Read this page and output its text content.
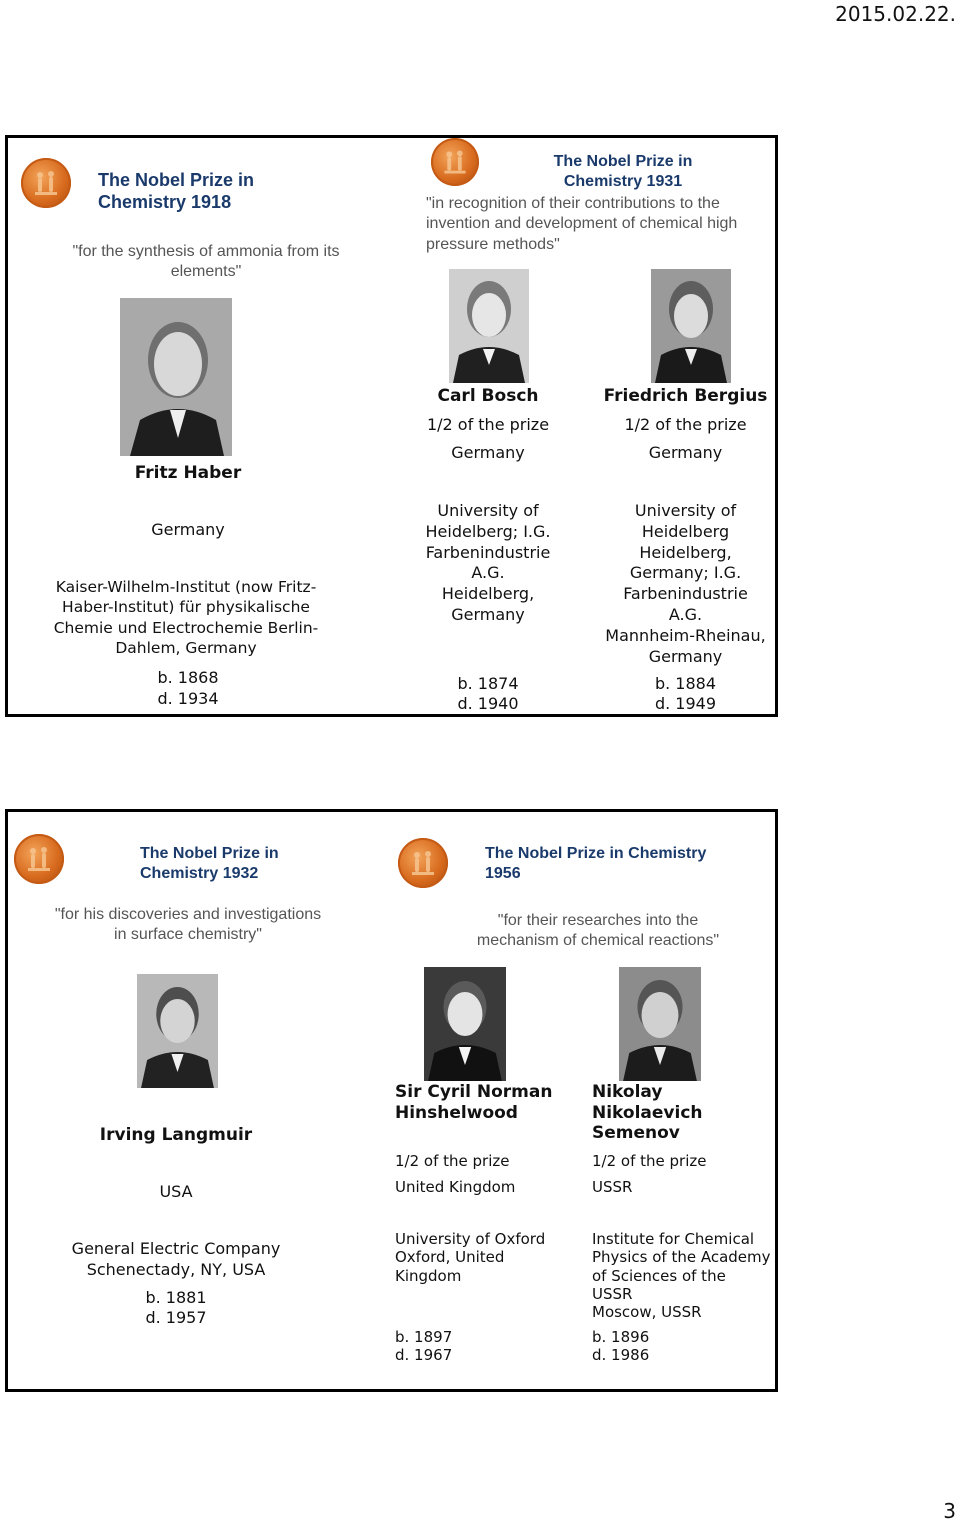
2015.02.22.
The Nobel Prize in
Chemistry 1918
"for the synthesis of ammonia from its elements"
Fritz Haber
Germany
Kaiser-Wilhelm-Institut (now Fritz-Haber-Institut) für physikalische Chemie und Electrochemie Berlin-Dahlem, Germany
b. 1868
d. 1934
The Nobel Prize in
Chemistry 1931
"in recognition of their contributions to the invention and development of chemical high pressure methods"
Carl Bosch
1/2 of the prize
Germany
University of
Heidelberg; I.G.
Farbenindustrie
A.G.
Heidelberg,
Germany
b. 1874
d. 1940
Friedrich Bergius
1/2 of the prize
Germany
University of
Heidelberg
Heidelberg,
Germany; I.G.
Farbenindustrie
A.G.
Mannheim-Rheinau,
Germany
b. 1884
d. 1949
The Nobel Prize in
Chemistry 1932
"for his discoveries and investigations
in surface chemistry"
Irving Langmuir
USA
General Electric Company
Schenectady, NY, USA
b. 1881
d. 1957
The Nobel Prize in Chemistry
1956
"for their researches into the
mechanism of chemical reactions"
Sir Cyril Norman
Hinshelwood
1/2 of the prize
United Kingdom
University of Oxford
Oxford, United
Kingdom
b. 1897
d. 1967
Nikolay
Nikolaevich
Semenov
1/2 of the prize
USSR
Institute for Chemical
Physics of the Academy
of Sciences of the
USSR
Moscow, USSR
b. 1896
d. 1986
3
